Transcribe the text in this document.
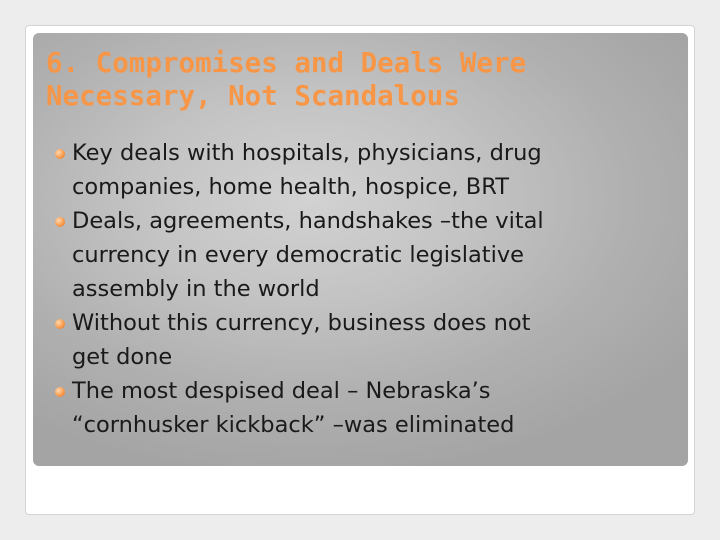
6. Compromises and Deals Were
Necessary, Not Scandalous
Key deals with hospitals, physicians, drug
companies, home health, hospice, BRT
Deals, agreements, handshakes –the vital
currency in every democratic legislative
assembly in the world
Without this currency, business does not
get done
The most despised deal – Nebraska’s
“cornhusker kickback” –was eliminated
